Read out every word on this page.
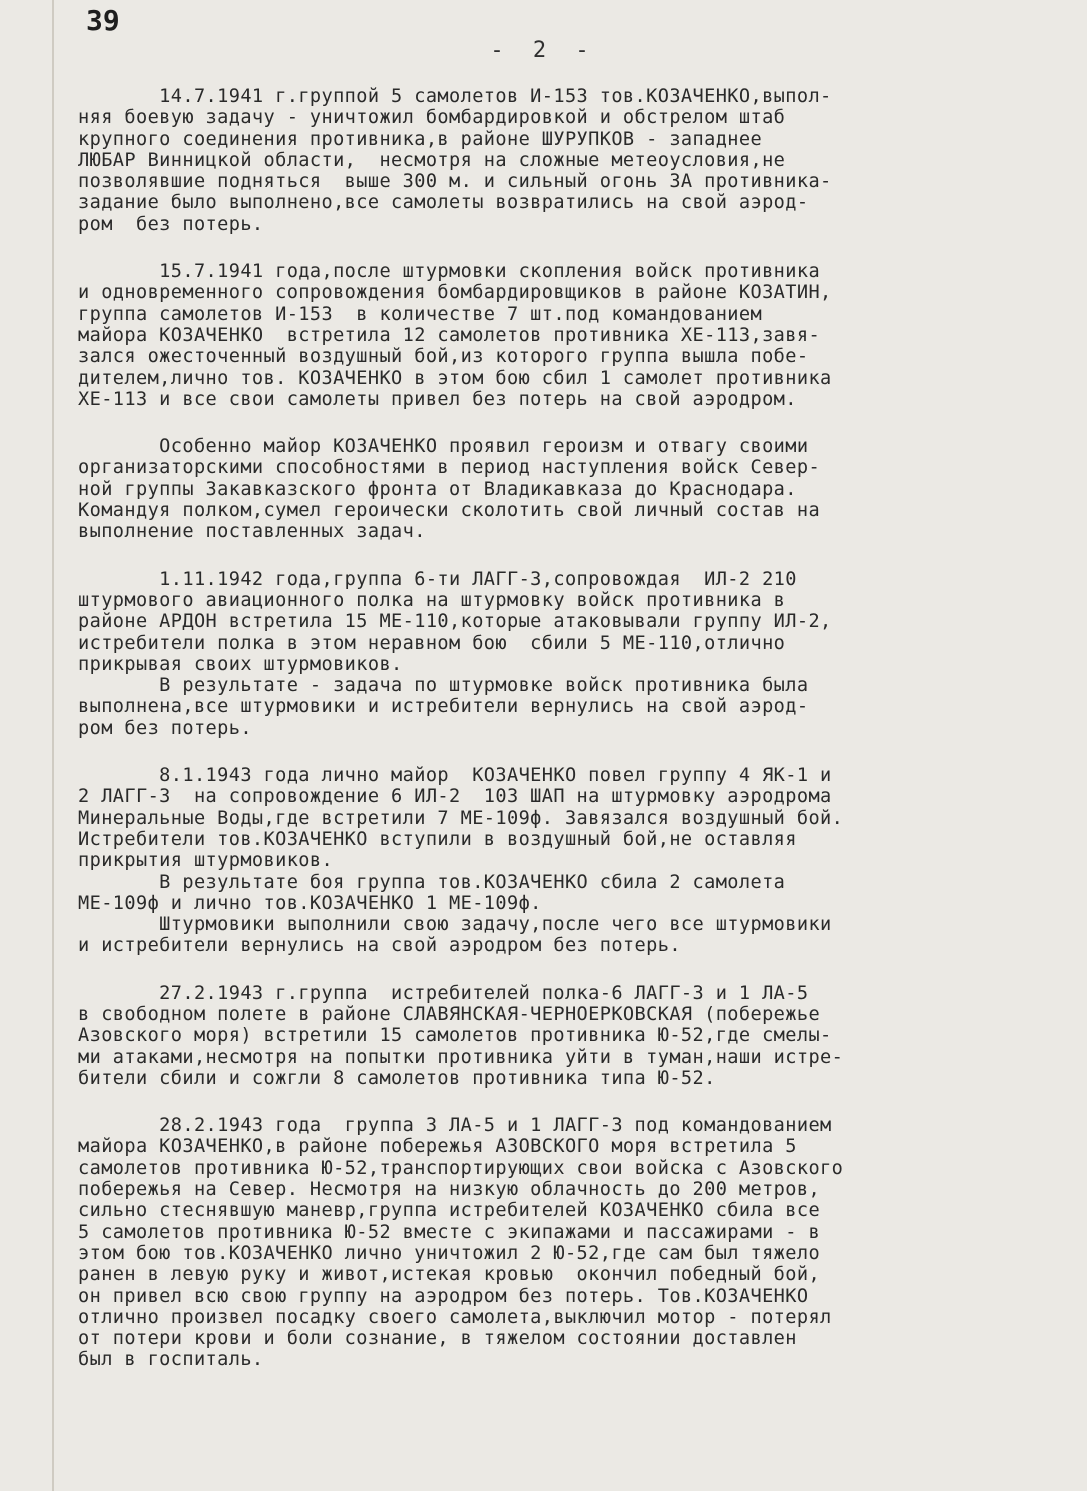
39
- 2 -
14.7.1941 г.группой 5 самолетов И-153 тов.КОЗАЧЕНКО,выпол-
няя боевую задачу - уничтожил бомбардировкой и обстрелом штаб
крупного соединения противника,в районе ШУРУПКОВ - западнее
ЛЮБАР Винницкой области,  несмотря на сложные метеоусловия,не
позволявшие подняться  выше 300 м. и сильный огонь ЗА противника-
задание было выполнено,все самолеты возвратились на свой аэрод-
ром  без потерь.
15.7.1941 года,после штурмовки скопления войск противника
и одновременного сопровождения бомбардировщиков в районе КОЗАТИН,
группа самолетов И-153  в количестве 7 шт.под командованием
майора КОЗАЧЕНКО  встретила 12 самолетов противника ХЕ-113,завя-
зался ожесточенный воздушный бой,из которого группа вышла побе-
дителем,лично тов. КОЗАЧЕНКО в этом бою сбил 1 самолет противника
ХЕ-113 и все свои самолеты привел без потерь на свой аэродром.
Особенно майор КОЗАЧЕНКО проявил героизм и отвагу своими
организаторскими способностями в период наступления войск Север-
ной группы Закавказского фронта от Владикавказа до Краснодара.
Командуя полком,сумел героически сколотить свой личный состав на
выполнение поставленных задач.
1.11.1942 года,группа 6-ти ЛАГГ-3,сопровождая  ИЛ-2 210
штурмового авиационного полка на штурмовку войск противника в
районе АРДОН встретила 15 МЕ-110,которые атаковывали группу ИЛ-2,
истребители полка в этом неравном бою  сбили 5 МЕ-110,отлично
прикрывая своих штурмовиков.
В результате - задача по штурмовке войск противника была
выполнена,все штурмовики и истребители вернулись на свой аэрод-
ром без потерь.
8.1.1943 года лично майор  КОЗАЧЕНКО повел группу 4 ЯК-1 и
2 ЛАГГ-3  на сопровождение 6 ИЛ-2  103 ШАП на штурмовку аэродрома
Минеральные Воды,где встретили 7 МЕ-109ф. Завязался воздушный бой.
Истребители тов.КОЗАЧЕНКО вступили в воздушный бой,не оставляя
прикрытия штурмовиков.
В результате боя группа тов.КОЗАЧЕНКО сбила 2 самолета
МЕ-109ф и лично тов.КОЗАЧЕНКО 1 МЕ-109ф.
Штурмовики выполнили свою задачу,после чего все штурмовики
и истребители вернулись на свой аэродром без потерь.
27.2.1943 г.группа  истребителей полка-6 ЛАГГ-3 и 1 ЛА-5
в свободном полете в районе СЛАВЯНСКАЯ-ЧЕРНОЕРКОВСКАЯ (побережье
Азовского моря) встретили 15 самолетов противника Ю-52,где смелы-
ми атаками,несмотря на попытки противника уйти в туман,наши истре-
бители сбили и сожгли 8 самолетов противника типа Ю-52.
28.2.1943 года  группа 3 ЛА-5 и 1 ЛАГГ-3 под командованием
майора КОЗАЧЕНКО,в районе побережья АЗОВСКОГО моря встретила 5
самолетов противника Ю-52,транспортирующих свои войска с Азовского
побережья на Север. Несмотря на низкую облачность до 200 метров,
сильно стеснявшую маневр,группа истребителей КОЗАЧЕНКО сбила все
5 самолетов противника Ю-52 вместе с экипажами и пассажирами - в
этом бою тов.КОЗАЧЕНКО лично уничтожил 2 Ю-52,где сам был тяжело
ранен в левую руку и живот,истекая кровью  окончил победный бой,
он привел всю свою группу на аэродром без потерь. Тов.КОЗАЧЕНКО
отлично произвел посадку своего самолета,выключил мотор - потерял
от потери крови и боли сознание, в тяжелом состоянии доставлен
был в госпиталь.
